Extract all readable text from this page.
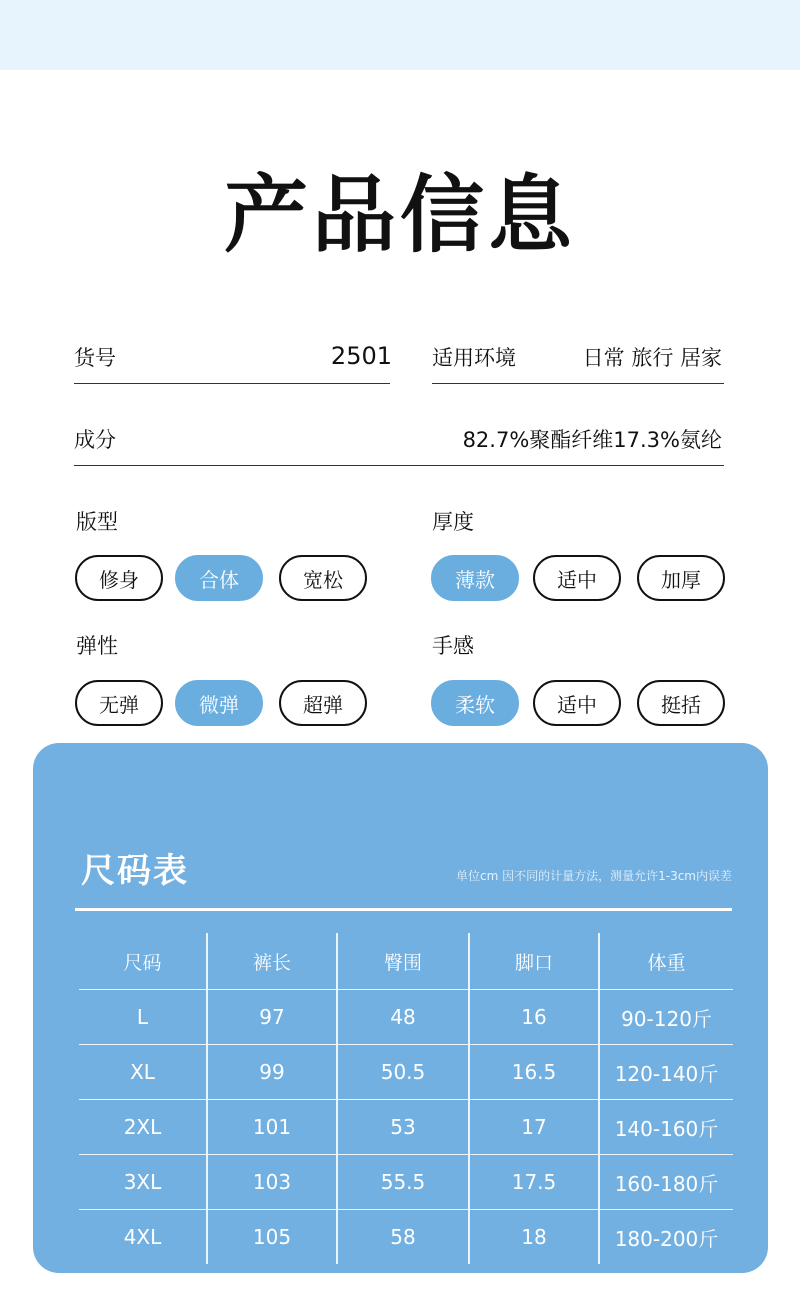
产品信息
货号	2501 适用环境	日常 旅行 居家
成分	82.7%聚酯纤维17.3%氨纶
版型
修身	合体	宽松
厚度
薄款	适中	加厚
弹性
无弹	微弹	超弹
手感
柔软	适中	挺括
尺码表	单位cm 因不同的计量方法，测量允许1-3cm内误差
尺码	裤长	臀围	脚口	体重
L	97	48	16	90-120斤
XL	99	50.5	16.5	120-140斤
2XL	101	53	17	140-160斤
3XL	103	55.5	17.5	160-180斤
4XL	105	58	18	180-200斤
